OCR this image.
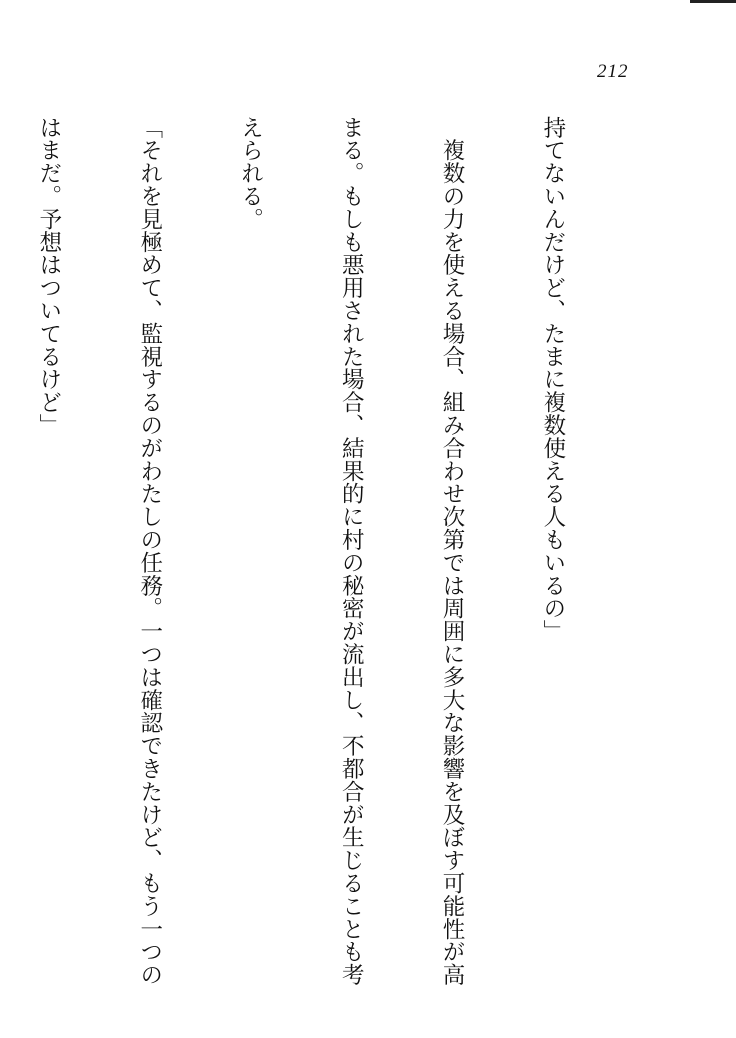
212

持てないんだけど、たまに複数使える人もいるの」

　複数の力を使える場合、組み合わせ次第では周囲に多大な影響を及ぼす可能性が高

まる。もしも悪用された場合、結果的に村の秘密が流出し、不都合が生じることも考

えられる。

「それを見極めて、監視するのがわたしの任務。一つは確認できたけど、もう一つの

はまだ。予想はついてるけど」
